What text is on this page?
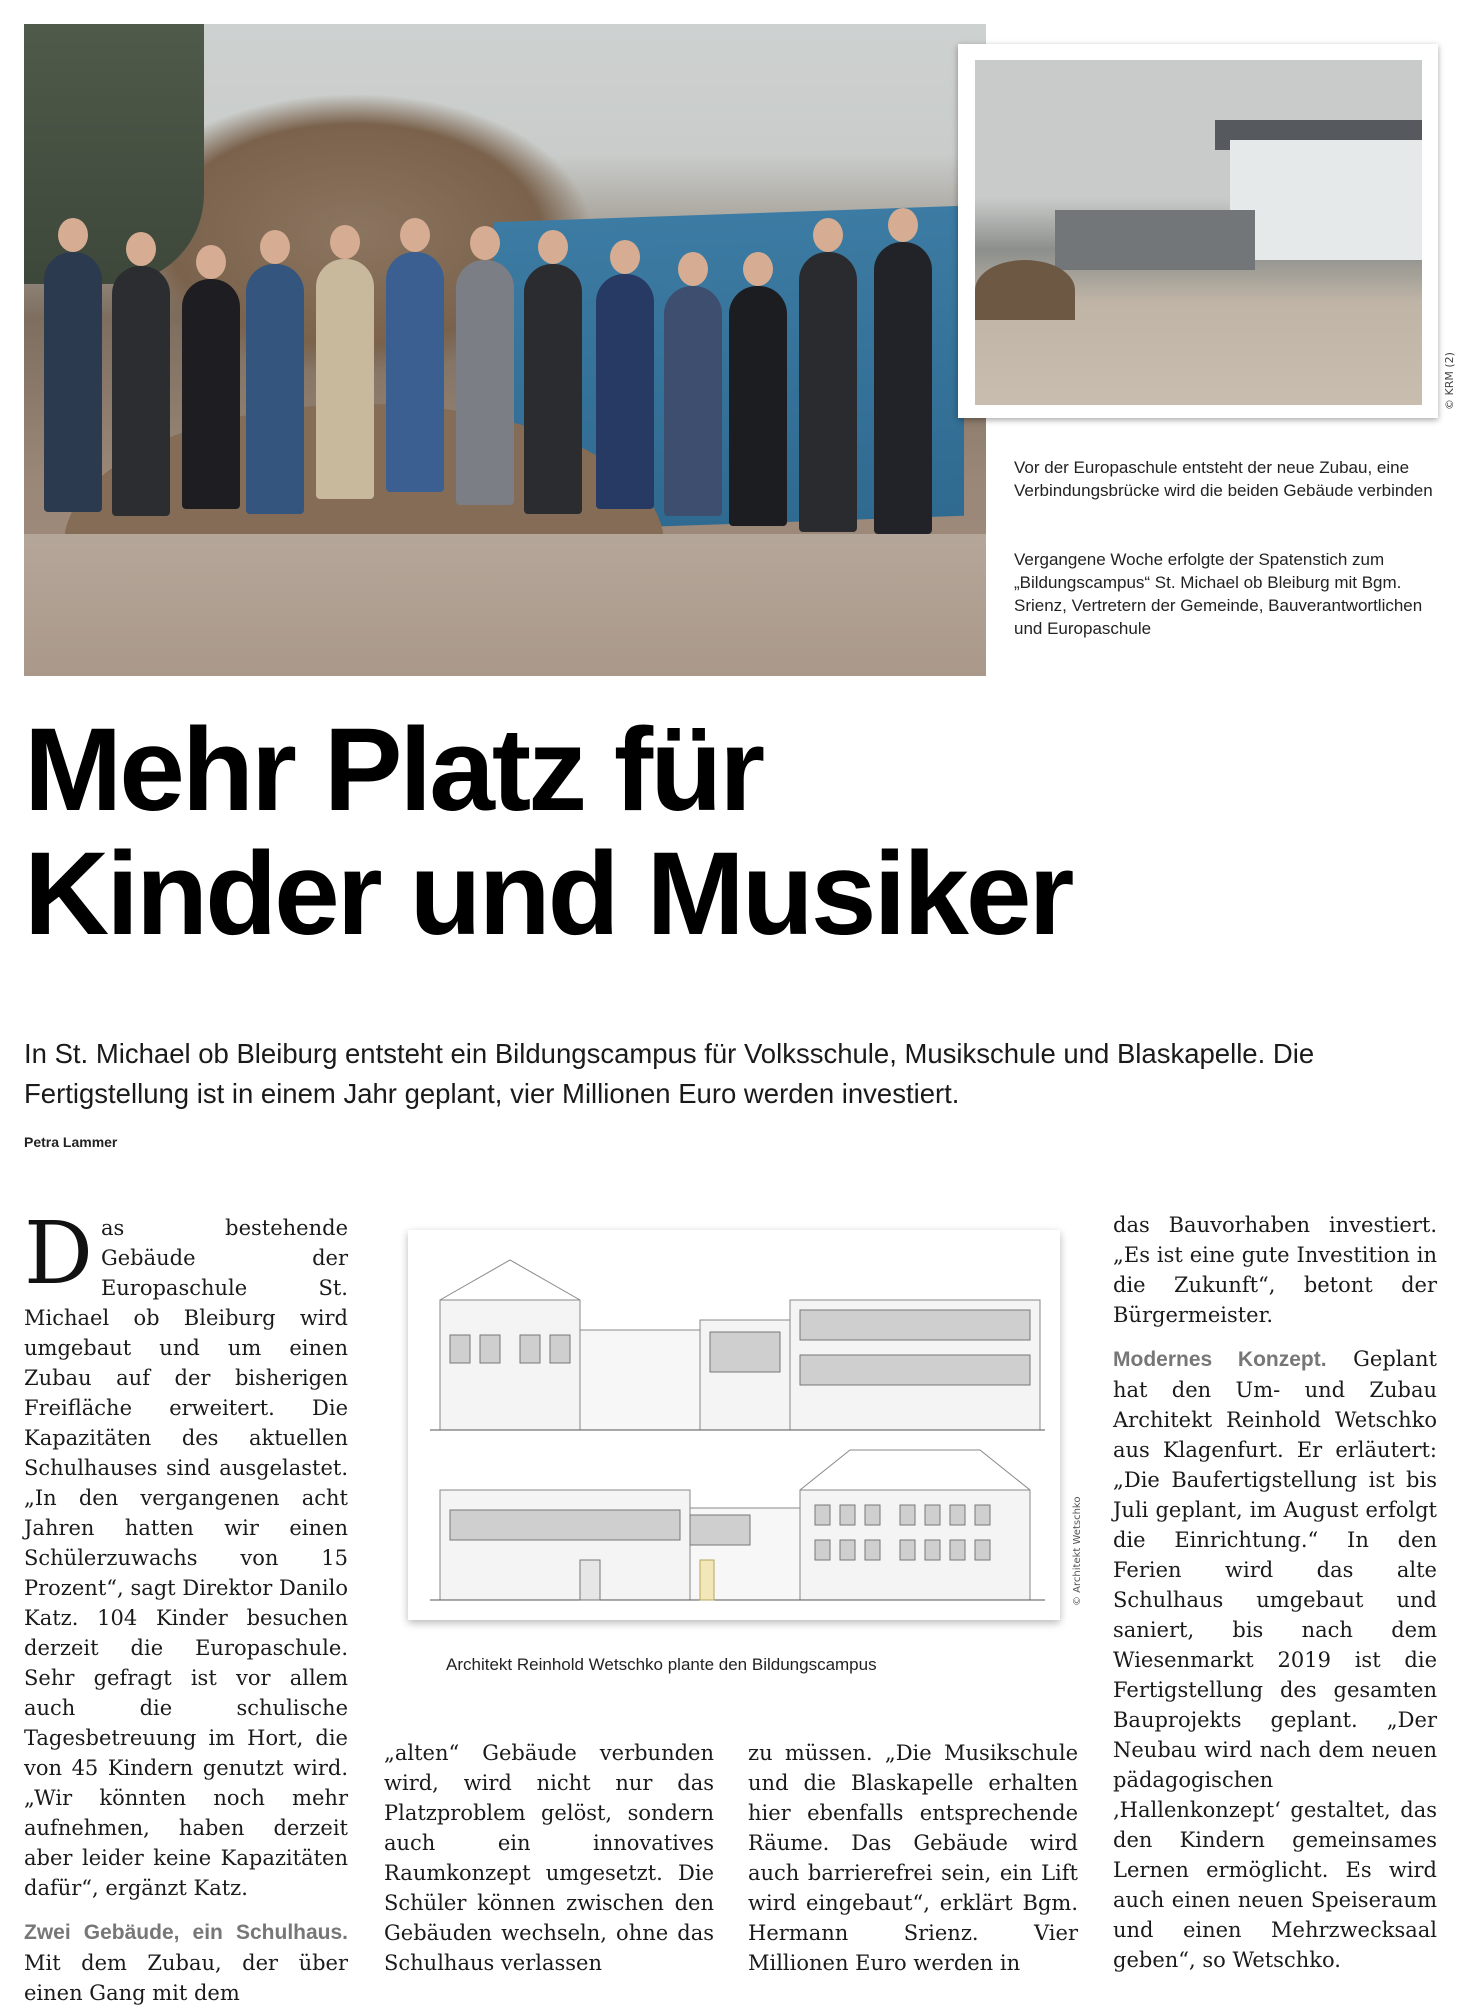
© KRM (2)
Vor der Europaschule entsteht der neue Zubau, eine Verbindungsbrücke wird die beiden Gebäude verbinden
Vergangene Woche erfolgte der Spatenstich zum „Bildungscampus“ St. Michael ob Bleiburg mit Bgm. Srienz, Vertretern der Gemeinde, Bauverantwortlichen und Europaschule
Mehr Platz für
Kinder und Musiker
In St. Michael ob Bleiburg entsteht ein Bildungscampus für Volksschule, Musikschule und Blaskapelle. Die Fertigstellung ist in einem Jahr geplant, vier Millionen Euro werden investiert.
Petra Lammer

Das bestehende Gebäude der Europaschule St. Michael ob Bleiburg wird umgebaut und um einen Zubau auf der bisherigen Freifläche erweitert. Die Kapazitäten des aktuellen Schulhauses sind ausgelastet. „In den vergangenen acht Jahren hatten wir einen Schülerzuwachs von 15 Prozent“, sagt Direktor Danilo Katz. 104 Kinder besuchen derzeit die Europaschule. Sehr gefragt ist vor allem auch die schulische Tagesbetreuung im Hort, die von 45 Kindern genutzt wird. „Wir könnten noch mehr aufnehmen, haben derzeit aber leider keine Kapazitäten dafür“, ergänzt Katz.

Zwei Gebäude, ein Schulhaus. Mit dem Zubau, der über einen Gang mit dem

© Architekt Wetschko
Architekt Reinhold Wetschko plante den Bildungscampus

„alten“ Gebäude verbunden wird, wird nicht nur das Platzproblem gelöst, sondern auch ein innovatives Raumkonzept umgesetzt. Die Schüler können zwischen den Gebäuden wechseln, ohne das Schulhaus verlassen

zu müssen. „Die Musikschule und die Blaskapelle erhalten hier ebenfalls entsprechende Räume. Das Gebäude wird auch barrierefrei sein, ein Lift wird eingebaut“, erklärt Bgm. Hermann Srienz. Vier Millionen Euro werden in

das Bauvorhaben investiert. „Es ist eine gute Investition in die Zukunft“, betont der Bürgermeister.

Modernes Konzept. Geplant hat den Um- und Zubau Architekt Reinhold Wetschko aus Klagenfurt. Er erläutert: „Die Baufertigstellung ist bis Juli geplant, im August erfolgt die Einrichtung.“ In den Ferien wird das alte Schulhaus umgebaut und saniert, bis nach dem Wiesenmarkt 2019 ist die Fertigstellung des gesamten Bauprojekts geplant. „Der Neubau wird nach dem neuen pädagogischen ‚Hallenkonzept‘ gestaltet, das den Kindern gemeinsames Lernen ermöglicht. Es wird auch einen neuen Speiseraum und einen Mehrzwecksaal geben“, so Wetschko.
